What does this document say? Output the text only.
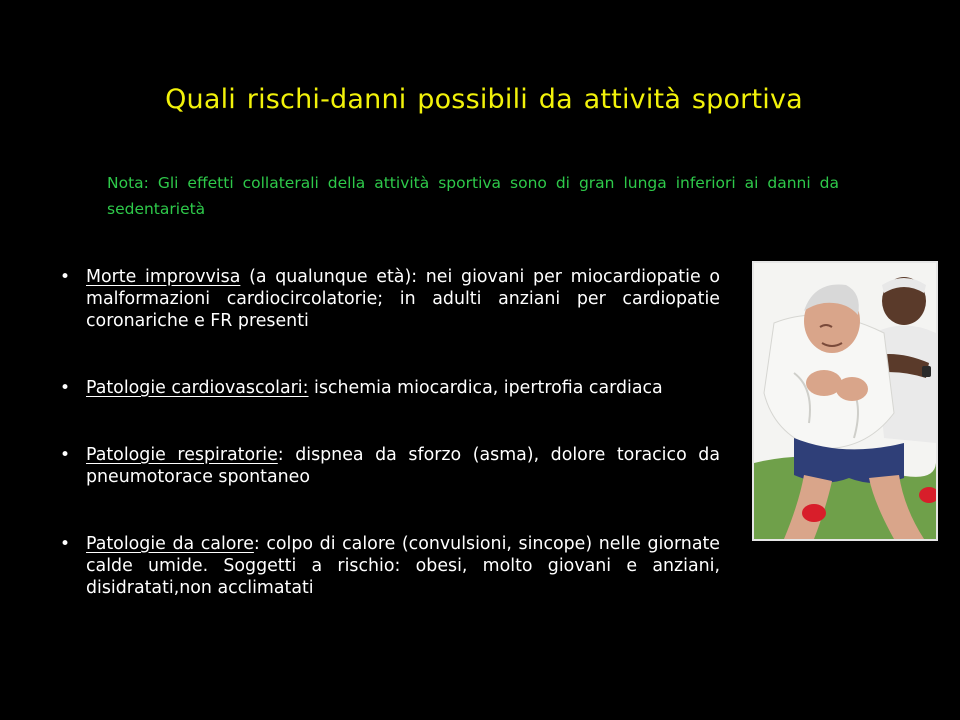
Quali rischi-danni possibili da attività sportiva
Nota: Gli effetti collaterali della attività sportiva sono di gran lunga inferiori ai danni da sedentarietà
• Morte improvvisa (a qualunque età): nei giovani per miocardiopatie o malformazioni cardiocircolatorie; in adulti anziani per cardiopatie coronariche e FR presenti
• Patologie cardiovascolari: ischemia miocardica, ipertrofia cardiaca
• Patologie respiratorie: dispnea da sforzo (asma), dolore toracico da pneumotorace spontaneo
• Patologie da calore: colpo di calore (convulsioni, sincope) nelle giornate calde umide. Soggetti a rischio: obesi, molto giovani e anziani, disidratati,non acclimatati
